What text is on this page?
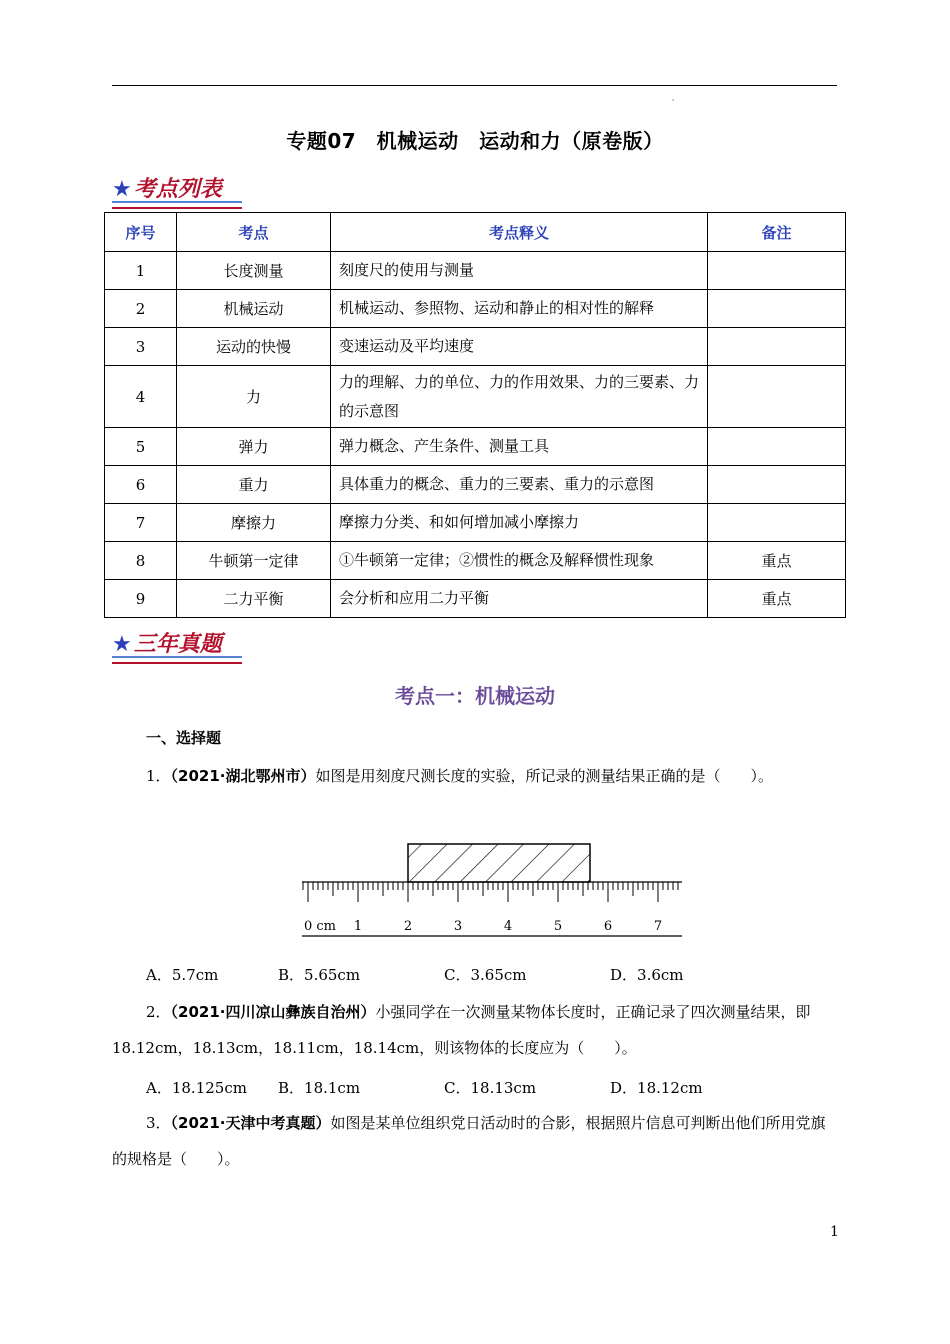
'
专题07　机械运动　运动和力（原卷版）
★考点列表
序号	考点	考点释义	备注
1	长度测量	刻度尺的使用与测量	
2	机械运动	机械运动、参照物、运动和静止的相对性的解释	
3	运动的快慢	变速运动及平均速度	
4	力	力的理解、力的单位、力的作用效果、力的三要素、力的示意图	
5	弹力	弹力概念、产生条件、测量工具	
6	重力	具体重力的概念、重力的三要素、重力的示意图	
7	摩擦力	摩擦力分类、和如何增加减小摩擦力	
8	牛顿第一定律	①牛顿第一定律；②惯性的概念及解释惯性现象	重点
9	二力平衡	会分析和应用二力平衡	重点
★三年真题
考点一：机械运动
一、选择题
1．（2021·湖北鄂州市）如图是用刻度尺测长度的实验，所记录的测量结果正确的是（　　）。
0 cm 1	2	3	4	5	6	7
A．5.7cm	B．5.65cm	C．3.65cm	D．3.6cm
2．（2021·四川凉山彝族自治州）小强同学在一次测量某物体长度时，正确记录了四次测量结果，即18.12cm，18.13cm，18.11cm，18.14cm，则该物体的长度应为（　　）。
A．18.125cm B．18.1cm	C．18.13cm	D．18.12cm
3．（2021·天津中考真题）如图是某单位组织党日活动时的合影，根据照片信息可判断出他们所用党旗的规格是（　　）。
1
